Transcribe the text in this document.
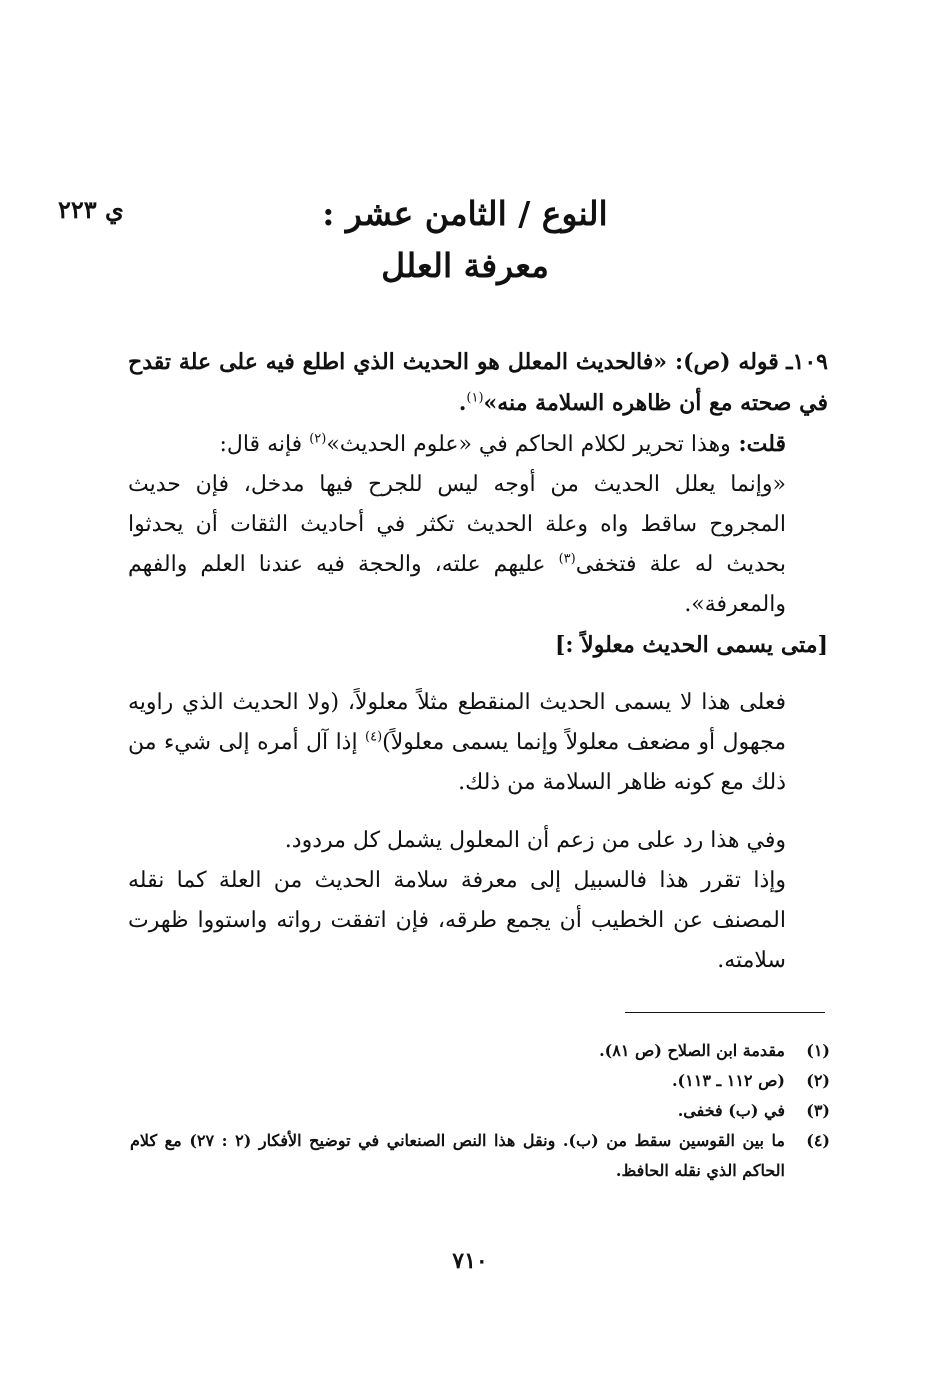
ي ٢٢٣	النوع / الثامن عشر :
معرفة العلل

١٠٩ـ قوله (ص): «فالحديث المعلل هو الحديث الذي اطلع فيه على علة تقدح في صحته مع أن ظاهره السلامة منه»$^{(١)}$.

قلت: وهذا تحرير لكلام الحاكم في «علوم الحديث»$^{(٢)}$ فإنه قال:

«وإنما يعلل الحديث من أوجه ليس للجرح فيها مدخل، فإن حديث المجروح ساقط واه وعلة الحديث تكثر في أحاديث الثقات أن يحدثوا بحديث له علة فتخفى$^{(٣)}$ عليهم علته، والحجة فيه عندنا العلم والفهم والمعرفة».

[متى يسمى الحديث معلولاً :]

فعلى هذا لا يسمى الحديث المنقطع مثلاً معلولاً، (ولا الحديث الذي راويه مجهول أو مضعف معلولاً وإنما يسمى معلولاً)$^{(٤)}$ إذا آل أمره إلى شيء من ذلك مع كونه ظاهر السلامة من ذلك.

وفي هذا رد على من زعم أن المعلول يشمل كل مردود.

وإذا تقرر هذا فالسبيل إلى معرفة سلامة الحديث من العلة كما نقله المصنف عن الخطيب أن يجمع طرقه، فإن اتفقت رواته واستووا ظهرت سلامته.

(١)
مقدمة ابن الصلاح (ص ٨١).
(٢)
(ص ١١٢ ـ ١١٣).
(٣)
في (ب) فخفى.
(٤)
ما بين القوسين سقط من (ب). ونقل هذا النص الصنعاني في توضيح الأفكار (٢ : ٢٧) مع كلام الحاكم الذي نقله الحافظ.
٧١٠
